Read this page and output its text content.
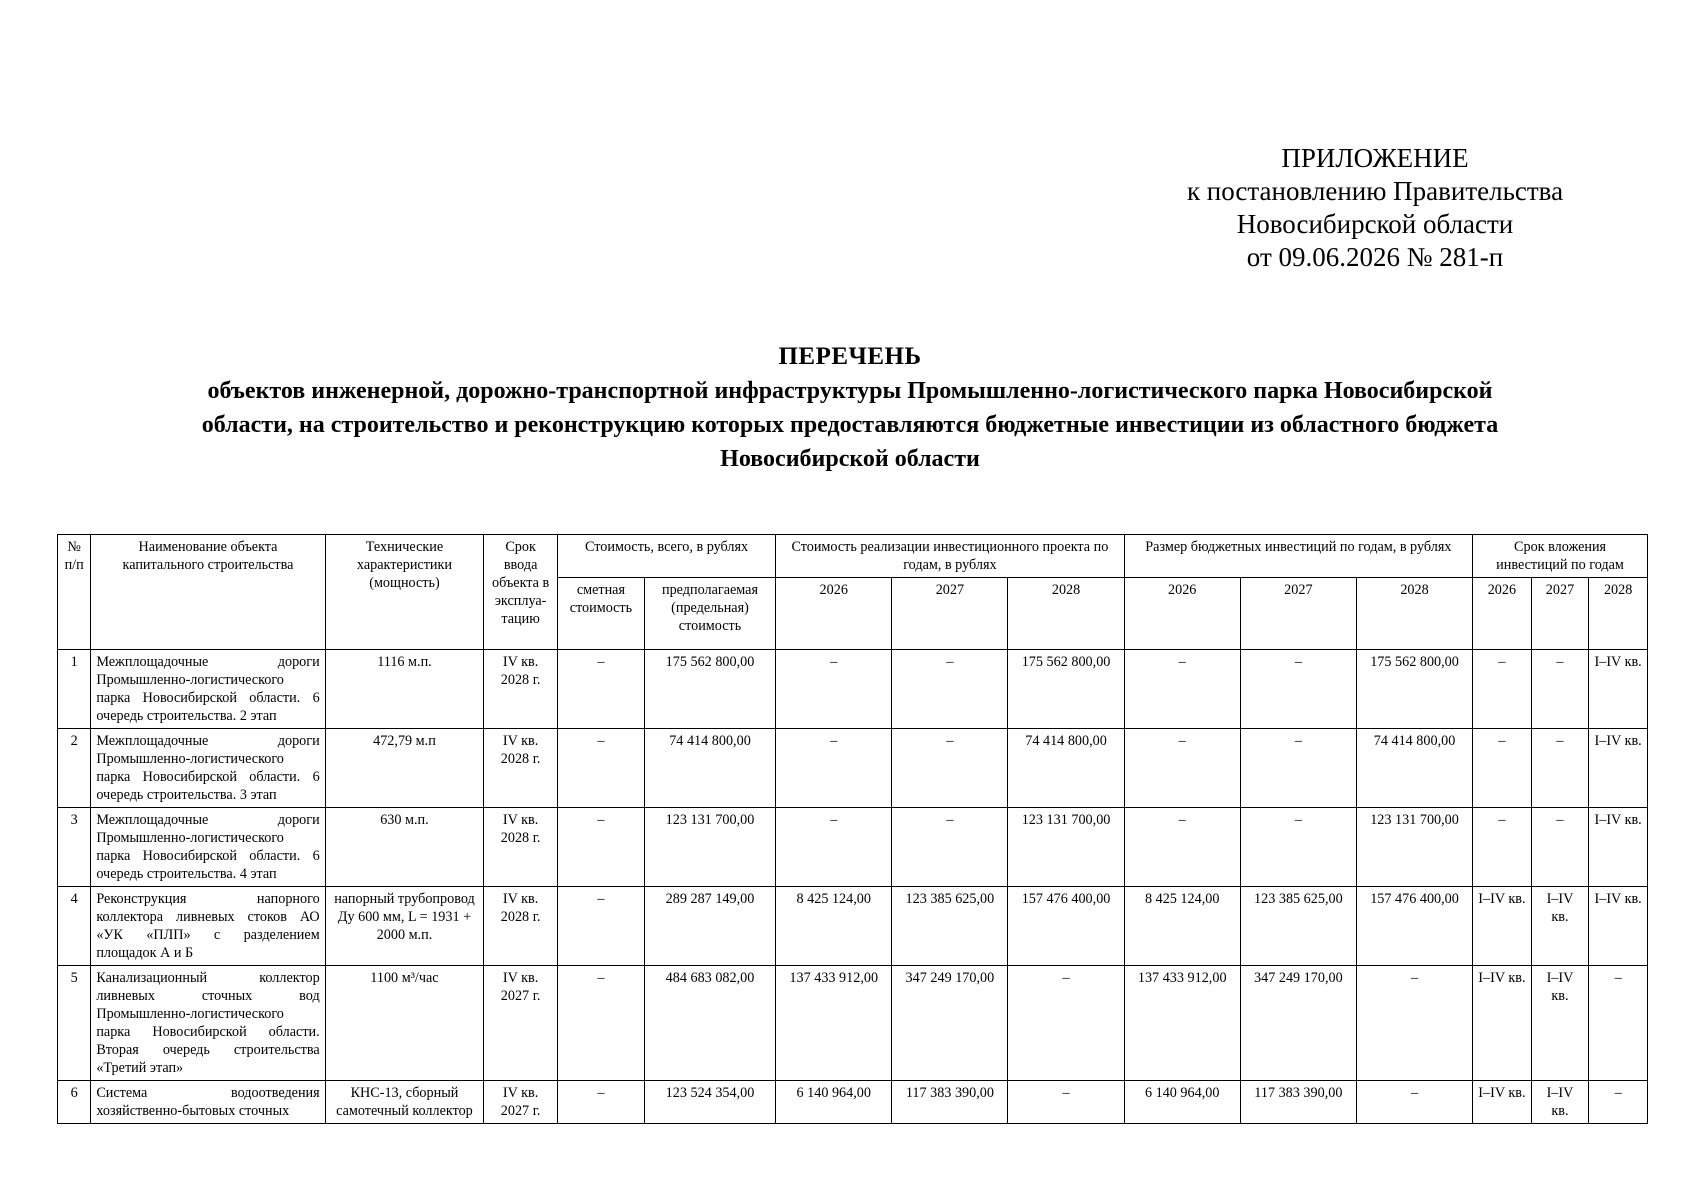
ПРИЛОЖЕНИЕ
к постановлению Правительства
Новосибирской области
от 09.06.2026 № 281-п
ПЕРЕЧЕНЬ
объектов инженерной, дорожно-транспортной инфраструктуры Промышленно-логистического парка Новосибирской
области, на строительство и реконструкцию которых предоставляются бюджетные инвестиции из областного бюджета
Новосибирской области
№ п/п	Наименование объекта капитального строительства	Технические характеристики (мощность)	Срок ввода объекта в эксплуа-тацию	Стоимость, всего, в рублях		Стоимость реализации инвестиционного проекта по годам, в рублях			Размер бюджетных инвестиций по годам, в рублях			Срок вложения инвестиций по годам		
				сметная стоимость	предполагаемая (предельная) стоимость	2026	2027	2028	2026	2027	2028	2026	2027	2028
1	Межплощадочные дороги Промышленно-логистического парка Новосибирской области. 6 очередь строительства. 2 этап	1116 м.п.	IV кв. 2028 г.	–	175 562 800,00	–	–	175 562 800,00	–	–	175 562 800,00	–	–	I–IV кв.
2	Межплощадочные дороги Промышленно-логистического парка Новосибирской области. 6 очередь строительства. 3 этап	472,79 м.п	IV кв. 2028 г.	–	74 414 800,00	–	–	74 414 800,00	–	–	74 414 800,00	–	–	I–IV кв.
3	Межплощадочные дороги Промышленно-логистического парка Новосибирской области. 6 очередь строительства. 4 этап	630 м.п.	IV кв. 2028 г.	–	123 131 700,00	–	–	123 131 700,00	–	–	123 131 700,00	–	–	I–IV кв.
4	Реконструкция напорного коллектора ливневых стоков АО «УК «ПЛП» с разделением площадок А и Б	напорный трубопровод Ду 600 мм, L = 1931 + 2000 м.п.	IV кв. 2028 г.	–	289 287 149,00	8 425 124,00	123 385 625,00	157 476 400,00	8 425 124,00	123 385 625,00	157 476 400,00	I–IV кв.	I–IV кв.	I–IV кв.
5	Канализационный коллектор ливневых сточных вод Промышленно-логистического парка Новосибирской области. Вторая очередь строительства «Третий этап»	1100 м³/час	IV кв. 2027 г.	–	484 683 082,00	137 433 912,00	347 249 170,00	–	137 433 912,00	347 249 170,00	–	I–IV кв.	I–IV кв.	–
6	Система водоотведения хозяйственно-бытовых сточных	КНС-13, сборный самотечный коллектор	IV кв. 2027 г.	–	123 524 354,00	6 140 964,00	117 383 390,00	–	6 140 964,00	117 383 390,00	–	I–IV кв.	I–IV кв.	–
